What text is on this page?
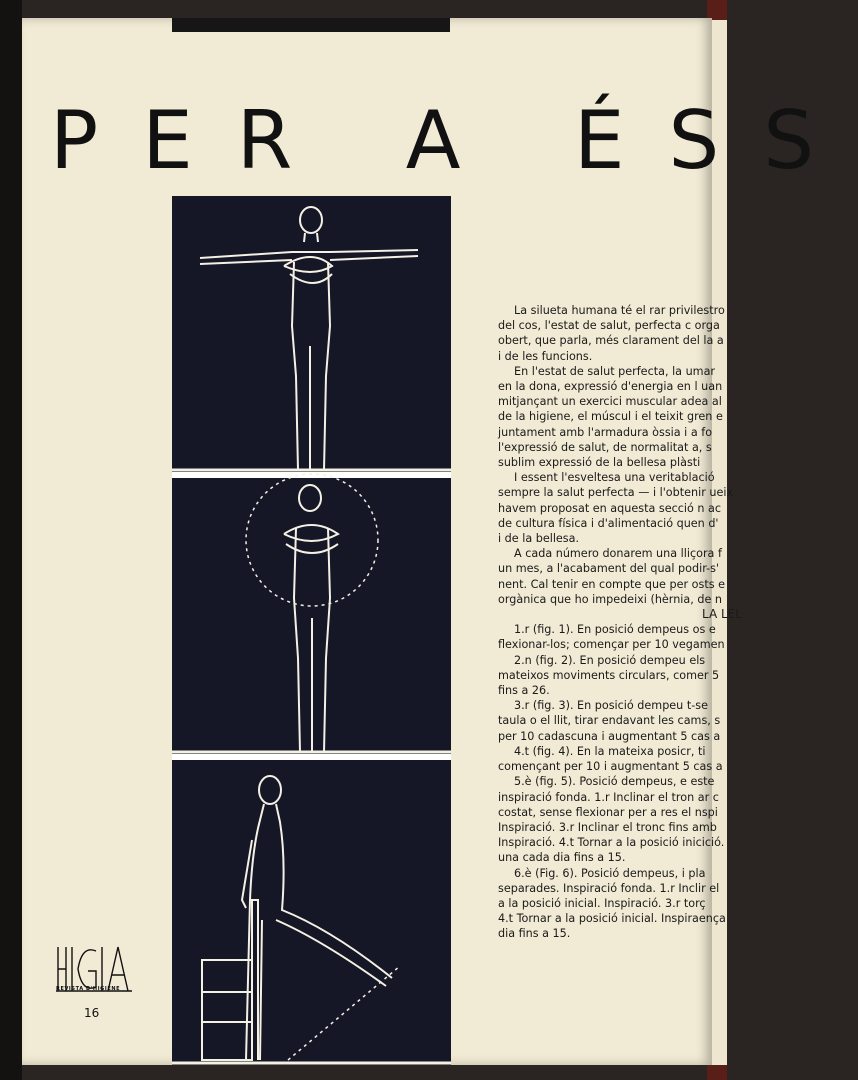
PER A ÉSS
REVISTA D'HIGIENE
16

La silueta humana té el rar privilestro

del cos, l'estat de salut, perfecta c orga

obert, que parla, més clarament del la a

i de les funcions.

En l'estat de salut perfecta, la umar

en la dona, expressió d'energia en l uan

mitjançant un exercici muscular adea al

de la higiene, el múscul i el teixit gren e

juntament amb l'armadura òssia i a fo

l'expressió de salut, de normalitat a, s

sublim expressió de la bellesa plàsti

I essent l'esveltesa una veritablació

sempre la salut perfecta — i l'obtenir ueix

havem proposat en aquesta secció n ac

de cultura física i d'alimentació quen d'

i de la bellesa.

A cada número donarem una lliçora f

un mes, a l'acabament del qual podir-s'

nent. Cal tenir en compte que per osts e

orgànica que ho impedeixi (hèrnia, de n

LA LEL

1.r (fig. 1). En posició dempeus os e

flexionar-los; començar per 10 vegamen

2.n (fig. 2). En posició dempeu els

mateixos moviments circulars, comer 5

fins a 26.

3.r (fig. 3). En posició dempeu t-se

taula o el llit, tirar endavant les cams, s

per 10 cadascuna i augmentant 5 cas a

4.t (fig. 4). En la mateixa posicr, ti

començant per 10 i augmentant 5 cas a

5.è (fig. 5). Posició dempeus, e este

inspiració fonda. 1.r Inclinar el tron ar c

costat, sense flexionar per a res el nspi

Inspiració. 3.r Inclinar el tronc fins amb

Inspiració. 4.t Tornar a la posició inicició.

una cada dia fins a 15.

6.è (Fig. 6). Posició dempeus, i pla

separades. Inspiració fonda. 1.r Inclir el

a la posició inicial. Inspiració. 3.r torç

4.t Tornar a la posició inicial. Inspiraença

dia fins a 15.
